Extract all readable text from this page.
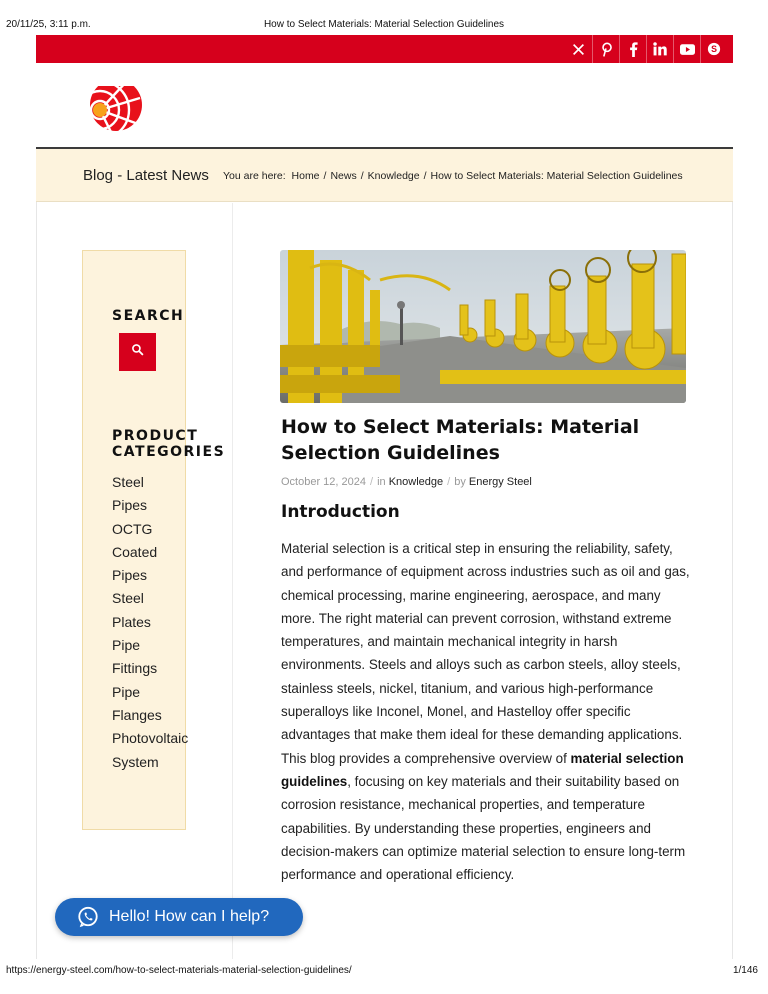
20/11/25, 3:11 p.m.	How to Select Materials: Material Selection Guidelines
S
Blog - Latest News You are here: Home / News / Knowledge / How to Select Materials: Material Selection Guidelines
SEARCH
PRODUCT
CATEGORIES
Steel
Pipes
OCTG
Coated
Pipes
Steel
Plates
Pipe
Fittings
Pipe
Flanges
Photovoltaic
System
How to Select Materials: Material Selection Guidelines
October 12, 2024 / in Knowledge / by Energy Steel
Introduction
Material selection is a critical step in ensuring the reliability, safety, and performance of equipment across industries such as oil and gas, chemical processing, marine engineering, aerospace, and many more. The right material can prevent corrosion, withstand extreme temperatures, and maintain mechanical integrity in harsh environments. Steels and alloys such as carbon steels, alloy steels, stainless steels, nickel, titanium, and various high-performance superalloys like Inconel, Monel, and Hastelloy offer specific advantages that make them ideal for these demanding applications. This blog provides a comprehensive overview of material selection guidelines, focusing on key materials and their suitability based on corrosion resistance, mechanical properties, and temperature capabilities. By understanding these properties, engineers and decision-makers can optimize material selection to ensure long-term performance and operational efficiency.
Hello! How can I help?
https://energy-steel.com/how-to-select-materials-material-selection-guidelines/	1/146
